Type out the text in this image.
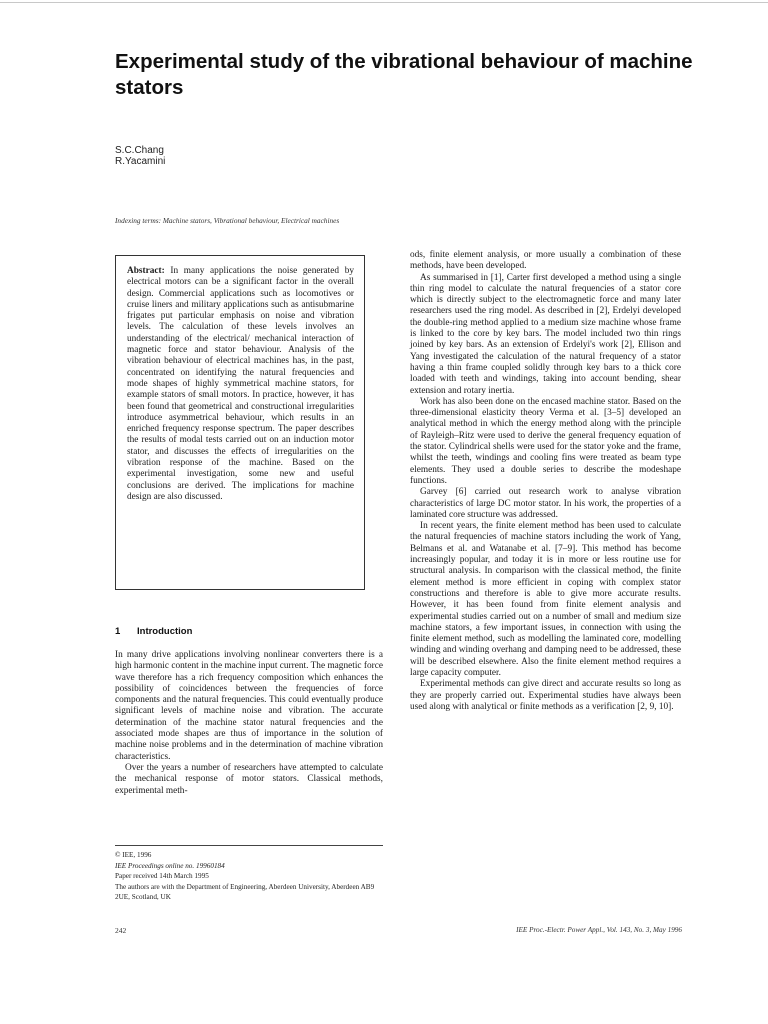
Experimental study of the vibrational behaviour of machine stators
S.C.Chang
R.Yacamini
Indexing terms: Machine stators, Vibrational behaviour, Electrical machines

Abstract: In many applications the noise generated by electrical motors can be a significant factor in the overall design. Commercial applications such as locomotives or cruise liners and military applications such as antisubmarine frigates put particular emphasis on noise and vibration levels. The calculation of these levels involves an understanding of the electrical/ mechanical interaction of magnetic force and stator behaviour. Analysis of the vibration behaviour of electrical machines has, in the past, concentrated on identifying the natural frequencies and mode shapes of highly symmetrical machine stators, for example stators of small motors. In practice, however, it has been found that geometrical and constructional irregularities introduce asymmetrical behaviour, which results in an enriched frequency response spectrum. The paper describes the results of modal tests carried out on an induction motor stator, and discusses the effects of irregularities on the vibration response of the machine. Based on the experimental investigation, some new and useful conclusions are derived. The implications for machine design are also discussed.

1 Introduction

In many drive applications involving nonlinear converters there is a high harmonic content in the machine input current. The magnetic force wave therefore has a rich frequency composition which enhances the possibility of coincidences between the frequencies of force components and the natural frequencies. This could eventually produce significant levels of machine noise and vibration. The accurate determination of the machine stator natural frequencies and the associated mode shapes are thus of importance in the solution of machine noise problems and in the determination of machine vibration characteristics.

Over the years a number of researchers have attempted to calculate the mechanical response of motor stators. Classical methods, experimental meth-

© IEE, 1996
IEE Proceedings online no. 19960184
Paper received 14th March 1995
The authors are with the Department of Engineering, Aberdeen University, Aberdeen AB9 2UE, Scotland, UK

ods, finite element analysis, or more usually a combination of these methods, have been developed.

As summarised in [1], Carter first developed a method using a single thin ring model to calculate the natural frequencies of a stator core which is directly subject to the electromagnetic force and many later researchers used the ring model. As described in [2], Erdelyi developed the double-ring method applied to a medium size machine whose frame is linked to the core by key bars. The model included two thin rings joined by key bars. As an extension of Erdelyi's work [2], Ellison and Yang investigated the calculation of the natural frequency of a stator having a thin frame coupled solidly through key bars to a thick core loaded with teeth and windings, taking into account bending, shear extension and rotary inertia.

Work has also been done on the encased machine stator. Based on the three-dimensional elasticity theory Verma et al. [3–5] developed an analytical method in which the energy method along with the principle of Rayleigh–Ritz were used to derive the general frequency equation of the stator. Cylindrical shells were used for the stator yoke and the frame, whilst the teeth, windings and cooling fins were treated as beam type elements. They used a double series to describe the modeshape functions.

Garvey [6] carried out research work to analyse vibration characteristics of large DC motor stator. In his work, the properties of a laminated core structure was addressed.

In recent years, the finite element method has been used to calculate the natural frequencies of machine stators including the work of Yang, Belmans et al. and Watanabe et al. [7–9]. This method has become increasingly popular, and today it is in more or less routine use for structural analysis. In comparison with the classical method, the finite element method is more efficient in coping with complex stator constructions and therefore is able to give more accurate results. However, it has been found from finite element analysis and experimental studies carried out on a number of small and medium size machine stators, a few important issues, in connection with using the finite element method, such as modelling the laminated core, modelling winding and winding overhang and damping need to be addressed, these will be described elsewhere. Also the finite element method requires a large capacity computer.

Experimental methods can give direct and accurate results so long as they are properly carried out. Experimental studies have always been used along with analytical or finite methods as a verification [2, 9, 10].

242	IEE Proc.-Electr. Power Appl., Vol. 143, No. 3, May 1996
